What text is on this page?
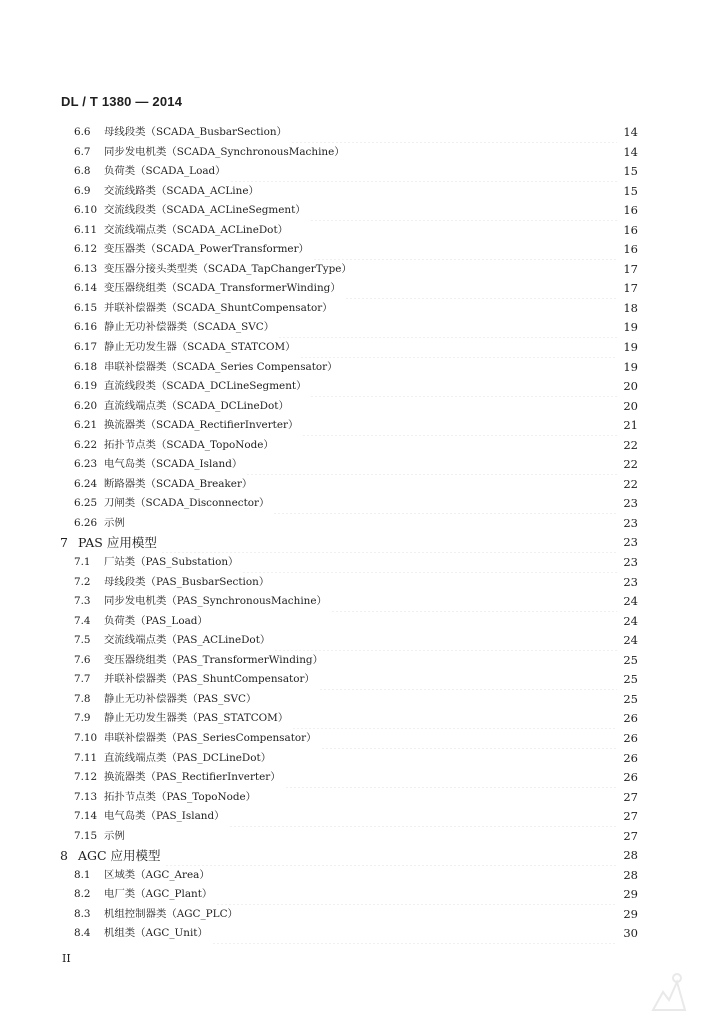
DL / T 1380 — 2014
6.6	母线段类（SCADA_BusbarSection）	14
6.7	同步发电机类（SCADA_SynchronousMachine）	14
6.8	负荷类（SCADA_Load）	15
6.9	交流线路类（SCADA_ACLine）	15
6.10 交流线段类（SCADA_ACLineSegment）	16
6.11 交流线端点类（SCADA_ACLineDot）	16
6.12 变压器类（SCADA_PowerTransformer）	16
6.13 变压器分接头类型类（SCADA_TapChangerType）	17
6.14 变压器绕组类（SCADA_TransformerWinding）	17
6.15 并联补偿器类（SCADA_ShuntCompensator）	18
6.16 静止无功补偿器类（SCADA_SVC）	19
6.17 静止无功发生器（SCADA_STATCOM）	19
6.18 串联补偿器类（SCADA_Series Compensator）	19
6.19 直流线段类（SCADA_DCLineSegment）	20
6.20 直流线端点类（SCADA_DCLineDot）	20
6.21 换流器类（SCADA_RectifierInverter）	21
6.22 拓扑节点类（SCADA_TopoNode）	22
6.23 电气岛类（SCADA_Island）	22
6.24 断路器类（SCADA_Breaker）	22
6.25 刀闸类（SCADA_Disconnector）	23
6.26 示例	23
7 PAS 应用模型	23
7.1	厂站类（PAS_Substation）	23
7.2	母线段类（PAS_BusbarSection）	23
7.3	同步发电机类（PAS_SynchronousMachine）	24
7.4	负荷类（PAS_Load）	24
7.5	交流线端点类（PAS_ACLineDot）	24
7.6	变压器绕组类（PAS_TransformerWinding）	25
7.7	并联补偿器类（PAS_ShuntCompensator）	25
7.8	静止无功补偿器类（PAS_SVC）	25
7.9	静止无功发生器类（PAS_STATCOM）	26
7.10 串联补偿器类（PAS_SeriesCompensator）	26
7.11 直流线端点类（PAS_DCLineDot）	26
7.12 换流器类（PAS_RectifierInverter）	26
7.13 拓扑节点类（PAS_TopoNode）	27
7.14 电气岛类（PAS_Island）	27
7.15 示例	27
8 AGC 应用模型	28
8.1	区域类（AGC_Area）	28
8.2	电厂类（AGC_Plant）	29
8.3	机组控制器类（AGC_PLC）	29
8.4	机组类（AGC_Unit）	30
II
